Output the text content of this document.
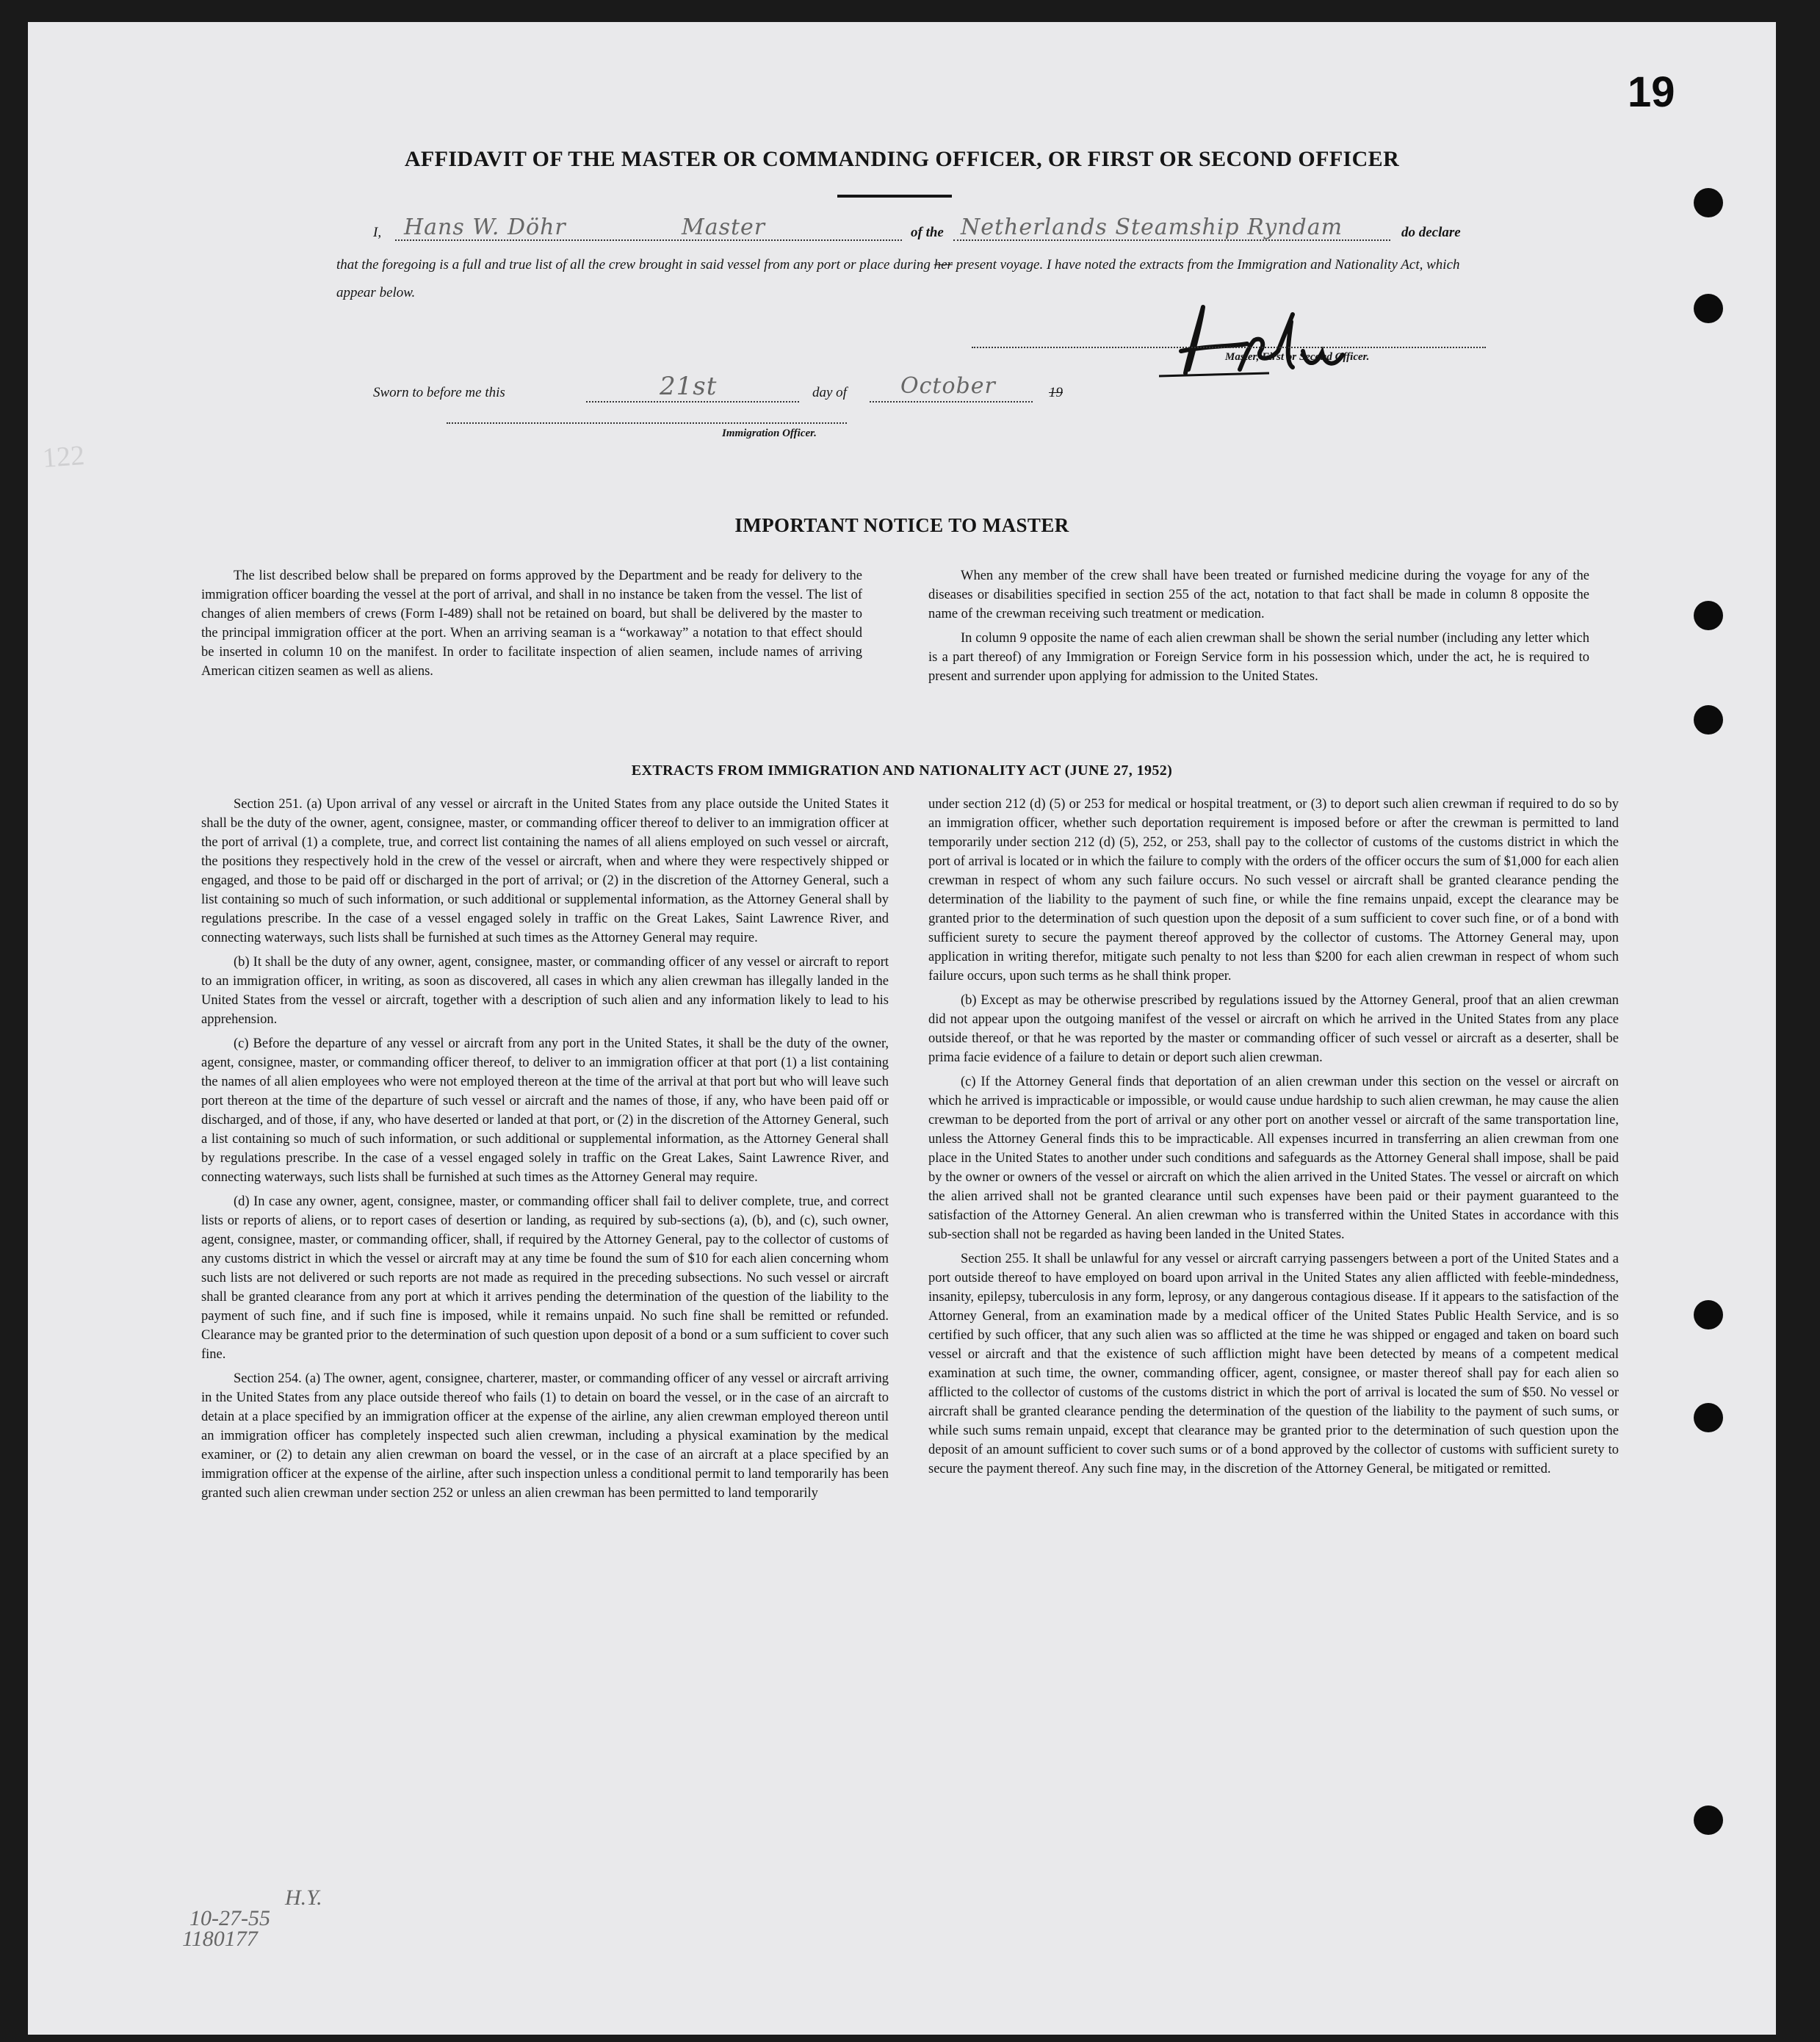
19
122
AFFIDAVIT OF THE MASTER OR COMMANDING OFFICER, OR FIRST OR SECOND OFFICER
I, Hans W. Döhr	Master	of the Netherlands Steamship Ryndam	do declare
that the foregoing is a full and true list of all the crew brought in said vessel from any port or place during her present voyage. I have noted the extracts from the Immigration and Nationality Act, which appear below.
Master, First or Second Officer.
Sworn to before me this	21st	day of October	19
Immigration Officer.
IMPORTANT NOTICE TO MASTER

The list described below shall be prepared on forms approved by the Department and be ready for delivery to the immigration officer boarding the vessel at the port of arrival, and shall in no instance be taken from the vessel. The list of changes of alien members of crews (Form I-489) shall not be retained on board, but shall be delivered by the master to the principal immigration officer at the port. When an arriving seaman is a “workaway” a notation to that effect should be inserted in column 10 on the manifest. In order to facilitate inspection of alien seamen, include names of arriving American citizen seamen as well as aliens.

When any member of the crew shall have been treated or furnished medicine during the voyage for any of the diseases or disabilities specified in section 255 of the act, notation to that fact shall be made in column 8 opposite the name of the crewman receiving such treatment or medication.

In column 9 opposite the name of each alien crewman shall be shown the serial number (including any letter which is a part thereof) of any Immigration or Foreign Service form in his possession which, under the act, he is required to present and surrender upon applying for admission to the United States.

EXTRACTS FROM IMMIGRATION AND NATIONALITY ACT (JUNE 27, 1952)

Section 251. (a) Upon arrival of any vessel or aircraft in the United States from any place outside the United States it shall be the duty of the owner, agent, consignee, master, or commanding officer thereof to deliver to an immigration officer at the port of arrival (1) a complete, true, and correct list containing the names of all aliens employed on such vessel or aircraft, the positions they respectively hold in the crew of the vessel or aircraft, when and where they were respectively shipped or engaged, and those to be paid off or discharged in the port of arrival; or (2) in the discretion of the Attorney General, such a list containing so much of such information, or such additional or supplemental information, as the Attorney General shall by regulations prescribe. In the case of a vessel engaged solely in traffic on the Great Lakes, Saint Lawrence River, and connecting waterways, such lists shall be furnished at such times as the Attorney General may require.

(b) It shall be the duty of any owner, agent, consignee, master, or commanding officer of any vessel or aircraft to report to an immigration officer, in writing, as soon as discovered, all cases in which any alien crewman has illegally landed in the United States from the vessel or aircraft, together with a description of such alien and any information likely to lead to his apprehension.

(c) Before the departure of any vessel or aircraft from any port in the United States, it shall be the duty of the owner, agent, consignee, master, or commanding officer thereof, to deliver to an immigration officer at that port (1) a list containing the names of all alien employees who were not employed thereon at the time of the arrival at that port but who will leave such port thereon at the time of the departure of such vessel or aircraft and the names of those, if any, who have been paid off or discharged, and of those, if any, who have deserted or landed at that port, or (2) in the discretion of the Attorney General, such a list containing so much of such information, or such additional or supplemental information, as the Attorney General shall by regulations prescribe. In the case of a vessel engaged solely in traffic on the Great Lakes, Saint Lawrence River, and connecting waterways, such lists shall be furnished at such times as the Attorney General may require.

(d) In case any owner, agent, consignee, master, or commanding officer shall fail to deliver complete, true, and correct lists or reports of aliens, or to report cases of desertion or landing, as required by sub-sections (a), (b), and (c), such owner, agent, consignee, master, or commanding officer, shall, if required by the Attorney General, pay to the collector of customs of any customs district in which the vessel or aircraft may at any time be found the sum of $10 for each alien concerning whom such lists are not delivered or such reports are not made as required in the preceding subsections. No such vessel or aircraft shall be granted clearance from any port at which it arrives pending the determination of the question of the liability to the payment of such fine, and if such fine is imposed, while it remains unpaid. No such fine shall be remitted or refunded. Clearance may be granted prior to the determination of such question upon deposit of a bond or a sum sufficient to cover such fine.

Section 254. (a) The owner, agent, consignee, charterer, master, or commanding officer of any vessel or aircraft arriving in the United States from any place outside thereof who fails (1) to detain on board the vessel, or in the case of an aircraft to detain at a place specified by an immigration officer at the expense of the airline, any alien crewman employed thereon until an immigration officer has completely inspected such alien crewman, including a physical examination by the medical examiner, or (2) to detain any alien crewman on board the vessel, or in the case of an aircraft at a place specified by an immigration officer at the expense of the airline, after such inspection unless a conditional permit to land temporarily has been granted such alien crewman under section 252 or unless an alien crewman has been permitted to land temporarily

under section 212 (d) (5) or 253 for medical or hospital treatment, or (3) to deport such alien crewman if required to do so by an immigration officer, whether such deportation requirement is imposed before or after the crewman is permitted to land temporarily under section 212 (d) (5), 252, or 253, shall pay to the collector of customs of the customs district in which the port of arrival is located or in which the failure to comply with the orders of the officer occurs the sum of $1,000 for each alien crewman in respect of whom any such failure occurs. No such vessel or aircraft shall be granted clearance pending the determination of the liability to the payment of such fine, or while the fine remains unpaid, except the clearance may be granted prior to the determination of such question upon the deposit of a sum sufficient to cover such fine, or of a bond with sufficient surety to secure the payment thereof approved by the collector of customs. The Attorney General may, upon application in writing therefor, mitigate such penalty to not less than $200 for each alien crewman in respect of whom such failure occurs, upon such terms as he shall think proper.

(b) Except as may be otherwise prescribed by regulations issued by the Attorney General, proof that an alien crewman did not appear upon the outgoing manifest of the vessel or aircraft on which he arrived in the United States from any place outside thereof, or that he was reported by the master or commanding officer of such vessel or aircraft as a deserter, shall be prima facie evidence of a failure to detain or deport such alien crewman.

(c) If the Attorney General finds that deportation of an alien crewman under this section on the vessel or aircraft on which he arrived is impracticable or impossible, or would cause undue hardship to such alien crewman, he may cause the alien crewman to be deported from the port of arrival or any other port on another vessel or aircraft of the same transportation line, unless the Attorney General finds this to be impracticable. All expenses incurred in transferring an alien crewman from one place in the United States to another under such conditions and safeguards as the Attorney General shall impose, shall be paid by the owner or owners of the vessel or aircraft on which the alien arrived in the United States. The vessel or aircraft on which the alien arrived shall not be granted clearance until such expenses have been paid or their payment guaranteed to the satisfaction of the Attorney General. An alien crewman who is transferred within the United States in accordance with this sub-section shall not be regarded as having been landed in the United States.

Section 255. It shall be unlawful for any vessel or aircraft carrying passengers between a port of the United States and a port outside thereof to have employed on board upon arrival in the United States any alien afflicted with feeble-mindedness, insanity, epilepsy, tuberculosis in any form, leprosy, or any dangerous contagious disease. If it appears to the satisfaction of the Attorney General, from an examination made by a medical officer of the United States Public Health Service, and is so certified by such officer, that any such alien was so afflicted at the time he was shipped or engaged and taken on board such vessel or aircraft and that the existence of such affliction might have been detected by means of a competent medical examination at such time, the owner, commanding officer, agent, consignee, or master thereof shall pay for each alien so afflicted to the collector of customs of the customs district in which the port of arrival is located the sum of $50. No vessel or aircraft shall be granted clearance pending the determination of the question of the liability to the payment of such sums, or while such sums remain unpaid, except that clearance may be granted prior to the determination of such question upon the deposit of an amount sufficient to cover such sums or of a bond approved by the collector of customs with sufficient surety to secure the payment thereof. Any such fine may, in the discretion of the Attorney General, be mitigated or remitted.

H.Y.
10-27-55
1180177
